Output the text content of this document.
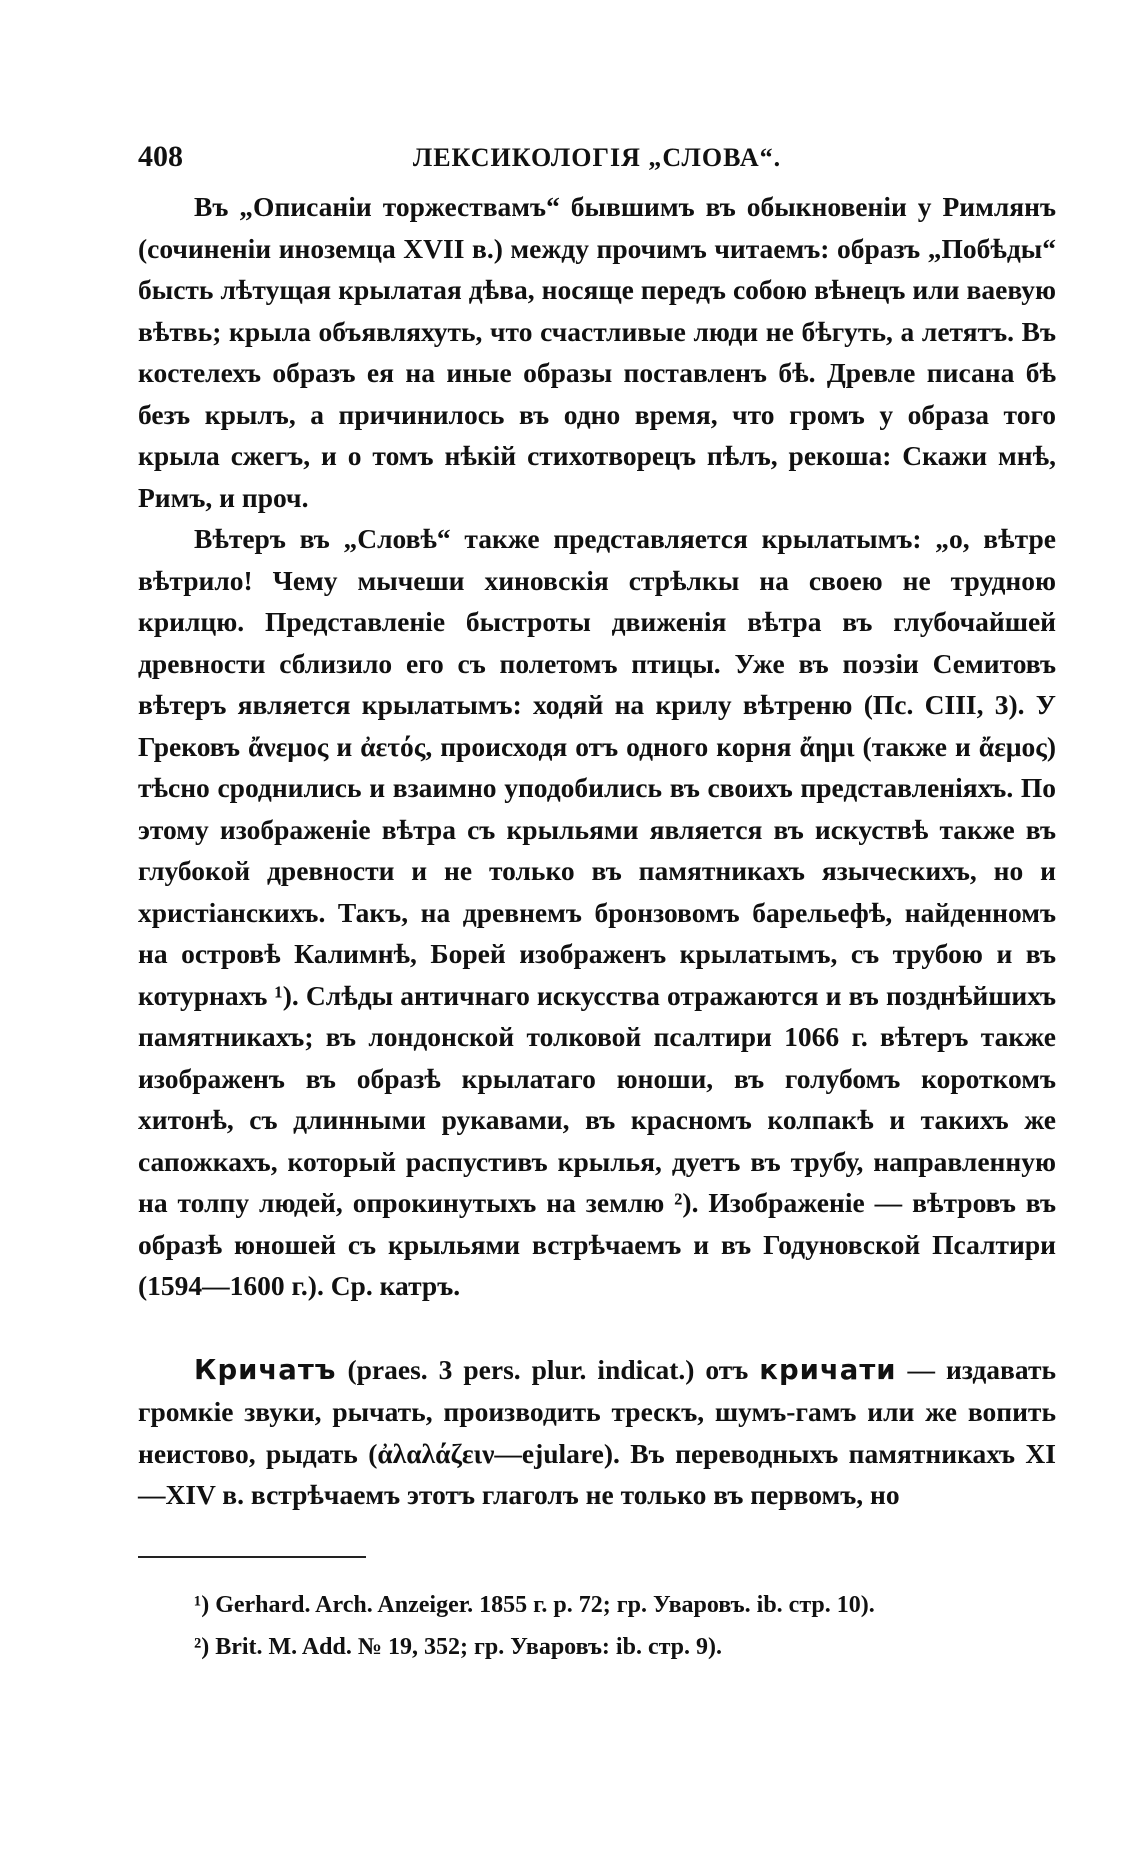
408	ЛЕКСИКОЛОГІЯ „СЛОВА“.

Въ „Описаніи торжествамъ“ бывшимъ въ обыкновеніи у Римлянъ (сочиненіи иноземца XVII в.) между прочимъ читаемъ: образъ „Побѣды“ бысть лѣтущая крылатая дѣва, носяще передъ собою вѣнецъ или ваевую вѣтвь; крыла объявляхуть, что счастливые люди не бѣгуть, а летятъ. Въ костелехъ образъ ея на иные образы поставленъ бѣ. Древле писана бѣ безъ крылъ, а причинилось въ одно время, что громъ у образа того крыла сжегъ, и о томъ нѣкій стихотворецъ пѣлъ, рекоша: Скажи мнѣ, Римъ, и проч.

Вѣтеръ въ „Словѣ“ также представляется крылатымъ: „о, вѣтре вѣтрило! Чему мычеши хиновскія стрѣлкы на своею не трудною крилцю. Представленіе быстроты движенія вѣтра въ глубочайшей древности сблизило его съ полетомъ птицы. Уже въ поэзіи Семитовъ вѣтеръ является крылатымъ: ходяй на крилу вѣтреню (Пс. CIII, 3). У Грековъ ἄνεμος и ἀετός, происходя отъ одного корня ἄημι (также и ἄεμος) тѣсно сроднились и взаимно уподобились въ своихъ представленіяхъ. По этому изображеніе вѣтра съ крыльями является въ искуствѣ также въ глубокой древности и не только въ памятникахъ языческихъ, но и христіанскихъ. Такъ, на древнемъ бронзовомъ барельефѣ, найденномъ на островѣ Калимнѣ, Борей изображенъ крылатымъ, съ трубою и въ котурнахъ ¹). Слѣды античнаго искусства отражаются и въ позднѣйшихъ памятникахъ; въ лондонской толковой псалтири 1066 г. вѣтеръ также изображенъ въ образѣ крылатаго юноши, въ голубомъ короткомъ хитонѣ, съ длинными рукавами, въ красномъ колпакѣ и такихъ же сапожкахъ, который распустивъ крылья, дуетъ въ трубу, направленную на толпу людей, опрокинутыхъ на землю ²). Изображеніе — вѣтровъ въ образѣ юношей съ крыльями встрѣчаемъ и въ Годуновской Псалтири (1594—1600 г.). Ср. катръ.

Кричатъ (praes. 3 pers. plur. indicat.) отъ кричати — издавать громкіе звуки, рычать, производить трескъ, шумъ-гамъ или же вопить неистово, рыдать (ἀλαλάζειν—ejulare). Въ переводныхъ памятникахъ XI—XIV в. встрѣчаемъ этотъ глаголъ не только въ первомъ, но

¹) Gerhard. Arch. Anzeiger. 1855 г. p. 72; гр. Уваровъ. ib. стр. 10).
²) Brit. M. Add. № 19, 352; гр. Уваровъ: ib. стр. 9).
